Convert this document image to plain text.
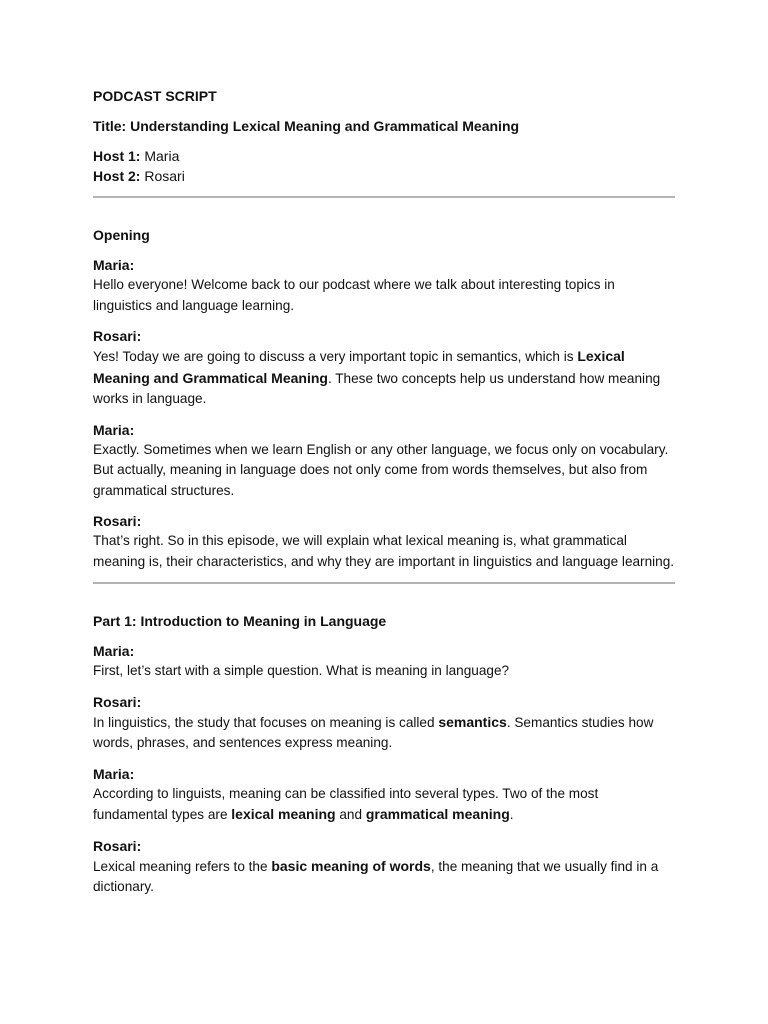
PODCAST SCRIPT

Title: Understanding Lexical Meaning and Grammatical Meaning

Host 1: Maria

Host 2: Rosari

Opening

Maria:

Hello everyone! Welcome back to our podcast where we talk about interesting topics in linguistics and language learning.

Rosari:

Yes! Today we are going to discuss a very important topic in semantics, which is Lexical Meaning and Grammatical Meaning. These two concepts help us understand how meaning works in language.

Maria:

Exactly. Sometimes when we learn English or any other language, we focus only on vocabulary. But actually, meaning in language does not only come from words themselves, but also from grammatical structures.

Rosari:

That’s right. So in this episode, we will explain what lexical meaning is, what grammatical meaning is, their characteristics, and why they are important in linguistics and language learning.

Part 1: Introduction to Meaning in Language

Maria:

First, let’s start with a simple question. What is meaning in language?

Rosari:

In linguistics, the study that focuses on meaning is called semantics. Semantics studies how words, phrases, and sentences express meaning.

Maria:

According to linguists, meaning can be classified into several types. Two of the most fundamental types are lexical meaning and grammatical meaning.

Rosari:

Lexical meaning refers to the basic meaning of words, the meaning that we usually find in a dictionary.
